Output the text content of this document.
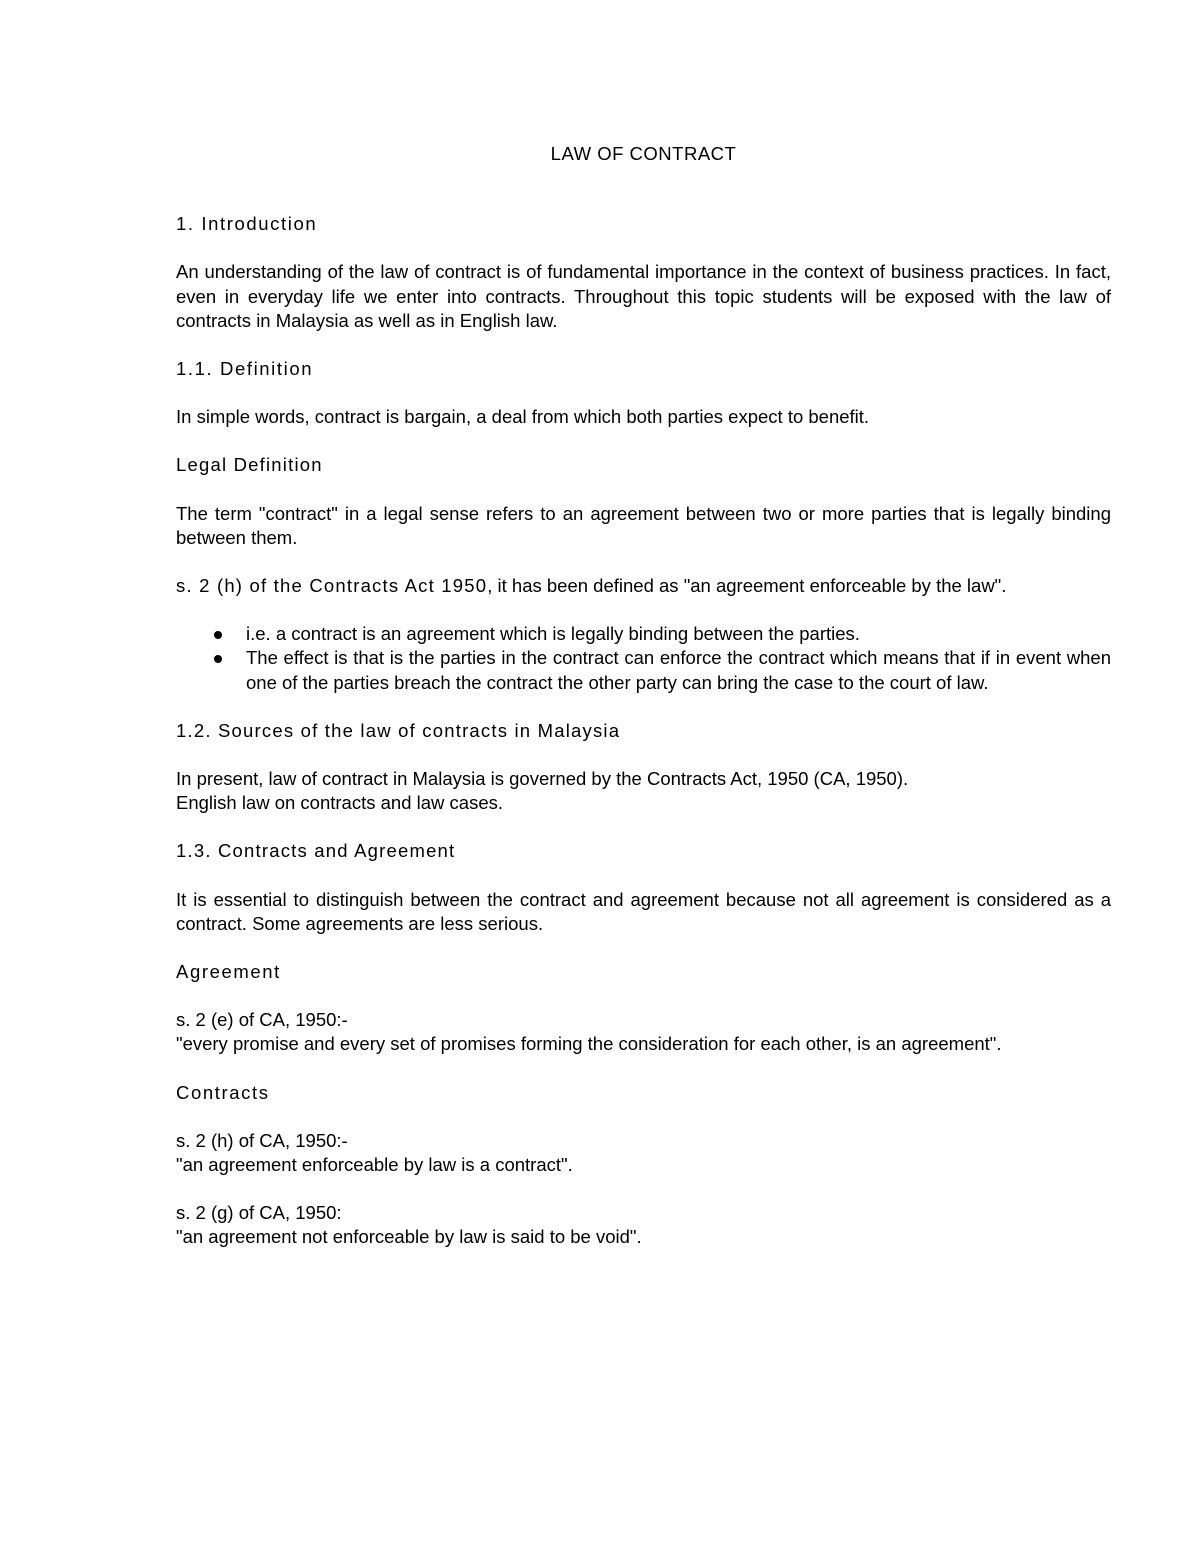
LAW OF CONTRACT
1. Introduction

An understanding of the law of contract is of fundamental importance in the context of business practices. In fact, even in everyday life we enter into contracts. Throughout this topic students will be exposed with the law of contracts in Malaysia as well as in English law.

1.1. Definition

In simple words, contract is bargain, a deal from which both parties expect to benefit.

Legal Definition

The term "contract" in a legal sense refers to an agreement between two or more parties that is legally binding between them.

s. 2 (h) of the Contracts Act 1950, it has been defined as "an agreement enforceable by the law".

i.e. a contract is an agreement which is legally binding between the parties.
The effect is that is the parties in the contract can enforce the contract which means that if in event when one of the parties breach the contract the other party can bring the case to the court of law.
1.2. Sources of the law of contracts in Malaysia

In present, law of contract in Malaysia is governed by the Contracts Act, 1950 (CA, 1950).
English law on contracts and law cases.

1.3. Contracts and Agreement

It is essential to distinguish between the contract and agreement because not all agreement is considered as a contract. Some agreements are less serious.

Agreement

s. 2 (e) of CA, 1950:-
"every promise and every set of promises forming the consideration for each other, is an agreement".

Contracts

s. 2 (h) of CA, 1950:-
"an agreement enforceable by law is a contract".

s. 2 (g) of CA, 1950:
"an agreement not enforceable by law is said to be void".
